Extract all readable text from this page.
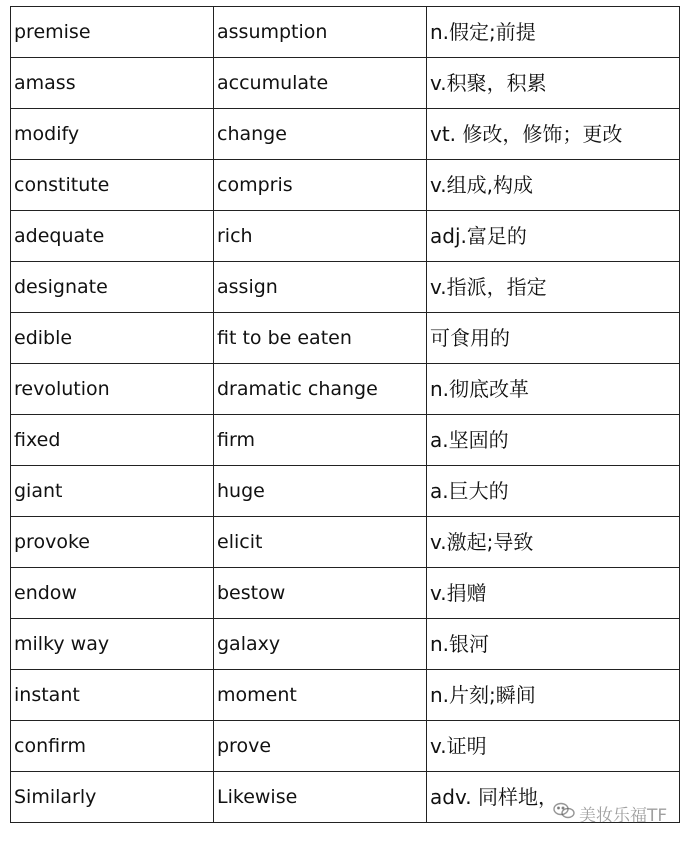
premise	assumption	n.假定;前提
amass	accumulate	v.积聚，积累
modify	change	vt. 修改，修饰；更改
constitute	compris	v.组成,构成
adequate	rich	adj.富足的
designate	assign	v.指派，指定
edible	fit to be eaten	可食用的
revolution	dramatic change	n.彻底改革
fixed	firm	a.坚固的
giant	huge	a.巨大的
provoke	elicit	v.激起;导致
endow	bestow	v.捐赠
milky way	galaxy	n.银河
instant	moment	n.片刻;瞬间
confirm	prove	v.证明
Similarly	Likewise	adv. 同样地，
美妆乐福TF
